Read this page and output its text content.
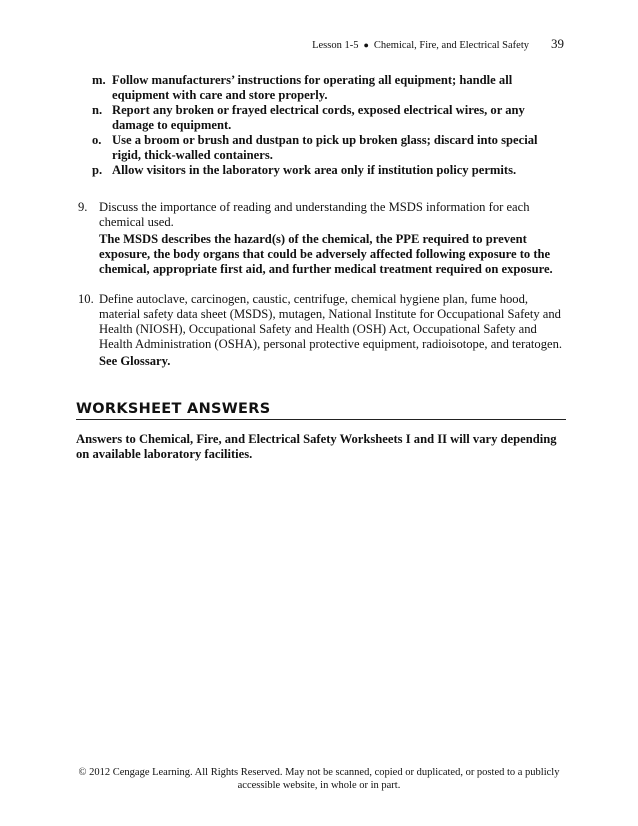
Lesson 1-5 ● Chemical, Fire, and Electrical Safety 39
m. Follow manufacturers’ instructions for operating all equipment; handle all equipment with care and store properly.
n. Report any broken or frayed electrical cords, exposed electrical wires, or any damage to equipment.
o. Use a broom or brush and dustpan to pick up broken glass; discard into special rigid, thick-walled containers.
p. Allow visitors in the laboratory work area only if institution policy permits.
9. Discuss the importance of reading and understanding the MSDS information for each chemical used.
The MSDS describes the hazard(s) of the chemical, the PPE required to prevent exposure, the body organs that could be adversely affected following exposure to the chemical, appropriate first aid, and further medical treatment required on exposure.
10. Define autoclave, carcinogen, caustic, centrifuge, chemical hygiene plan, fume hood, material safety data sheet (MSDS), mutagen, National Institute for Occupational Safety and Health (NIOSH), Occupational Safety and Health (OSH) Act, Occupational Safety and Health Administration (OSHA), personal protective equipment, radioisotope, and teratogen.
See Glossary.
WORKSHEET ANSWERS
Answers to Chemical, Fire, and Electrical Safety Worksheets I and II will vary depending on available laboratory facilities.
© 2012 Cengage Learning. All Rights Reserved. May not be scanned, copied or duplicated, or posted to a publicly
accessible website, in whole or in part.
